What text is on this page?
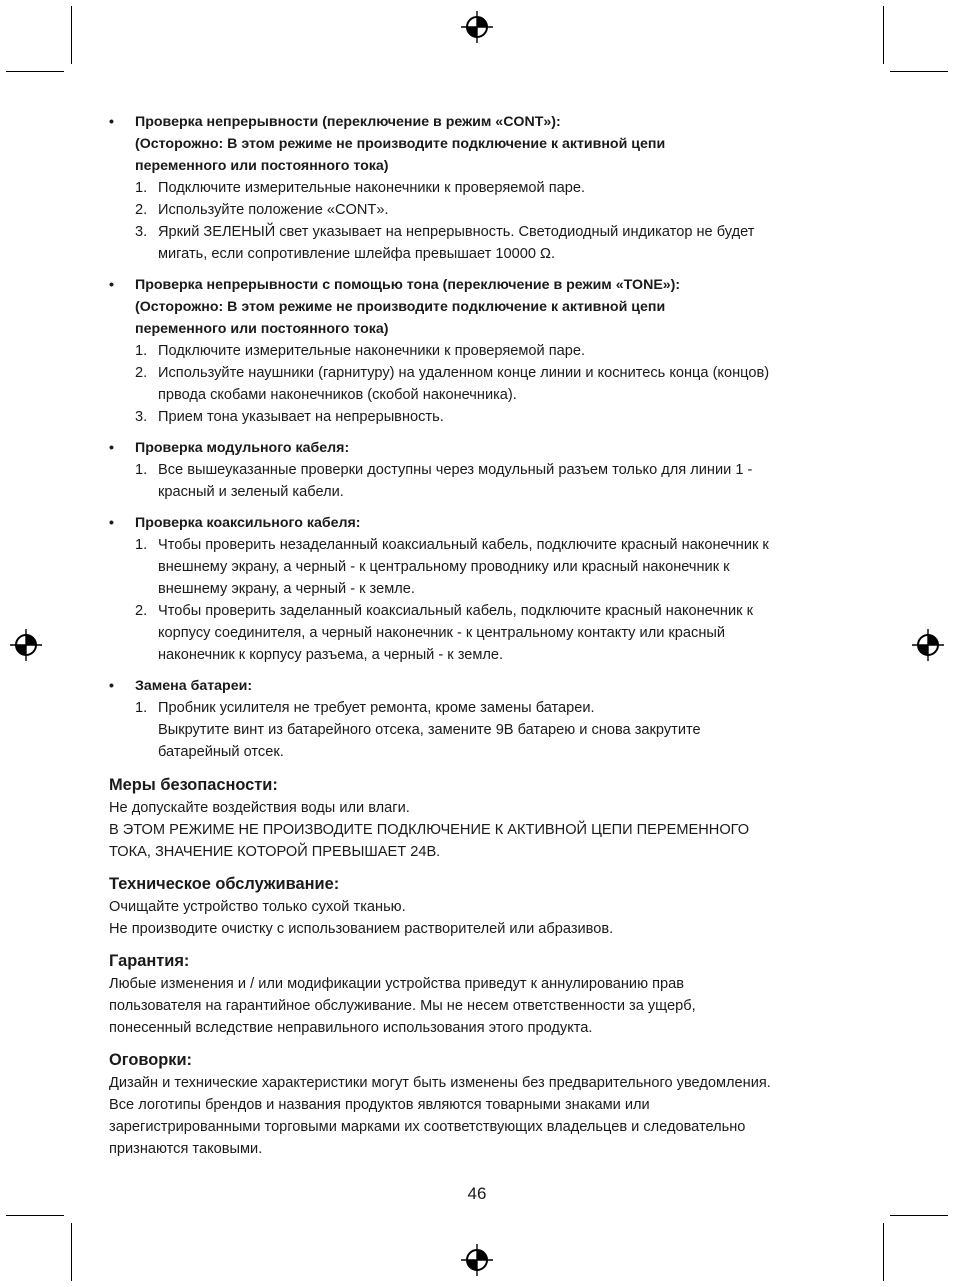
•	Проверка непрерывности (переключение в режим «CONT»):
(Осторожно: В этом режиме не производите подключение к активной цепи
переменного или постоянного тока)
1. Подключите измерительные наконечники к проверяемой паре.
2. Используйте положение «CONT».
3. Яркий ЗЕЛЕНЫЙ свет указывает на непрерывность. Светодиодный индикатор не будет
мигать, если сопротивление шлейфа превышает 10000 Ω.
•	Проверка непрерывности с помощью тона (переключение в режим «TONE»):
(Осторожно: В этом режиме не производите подключение к активной цепи
переменного или постоянного тока)
1. Подключите измерительные наконечники к проверяемой паре.
2. Используйте наушники (гарнитуру) на удаленном конце линии и коснитесь конца (концов)
првода скобами наконечников (скобой наконечника).
3. Прием тона указывает на непрерывность.
•	Проверка модульного кабеля:
1. Все вышеуказанные проверки доступны через модульный разъем только для линии 1 -
красный и зеленый кабели.
•	Проверка коаксильного кабеля:
1. Чтобы проверить незаделанный коаксиальный кабель, подключите красный наконечник к
внешнему экрану, а черный - к центральному проводнику или красный наконечник к
внешнему экрану, а черный - к земле.
2. Чтобы проверить заделанный коаксиальный кабель, подключите красный наконечник к
корпусу соединителя, а черный наконечник - к центральному контакту или красный
наконечник к корпусу разъема, а черный - к земле.
•	Замена батареи:
1. Пробник усилителя не требует ремонта, кроме замены батареи.
Выкрутите винт из батарейного отсека, замените 9В батарею и снова закрутите
батарейный отсек.
Меры безопасности:
Не допускайте воздействия воды или влаги.
В ЭТОМ РЕЖИМЕ НЕ ПРОИЗВОДИТЕ ПОДКЛЮЧЕНИЕ К АКТИВНОЙ ЦЕПИ ПЕРЕМЕННОГО
ТОКА, ЗНАЧЕНИЕ КОТОРОЙ ПРЕВЫШАЕТ 24В.
Техническое обслуживание:
Очищайте устройство только сухой тканью.
Не производите очистку с использованием растворителей или абразивов.
Гарантия:
Любые изменения и / или модификации устройства приведут к аннулированию прав
пользователя на гарантийное обслуживание. Мы не несем ответственности за ущерб,
понесенный вследствие неправильного использования этого продукта.
Оговорки:
Дизайн и технические характеристики могут быть изменены без предварительного уведомления.
Все логотипы брендов и названия продуктов являются товарными знаками или
зарегистрированными торговыми марками их соответствующих владельцев и следовательно
признаются таковыми.
46
